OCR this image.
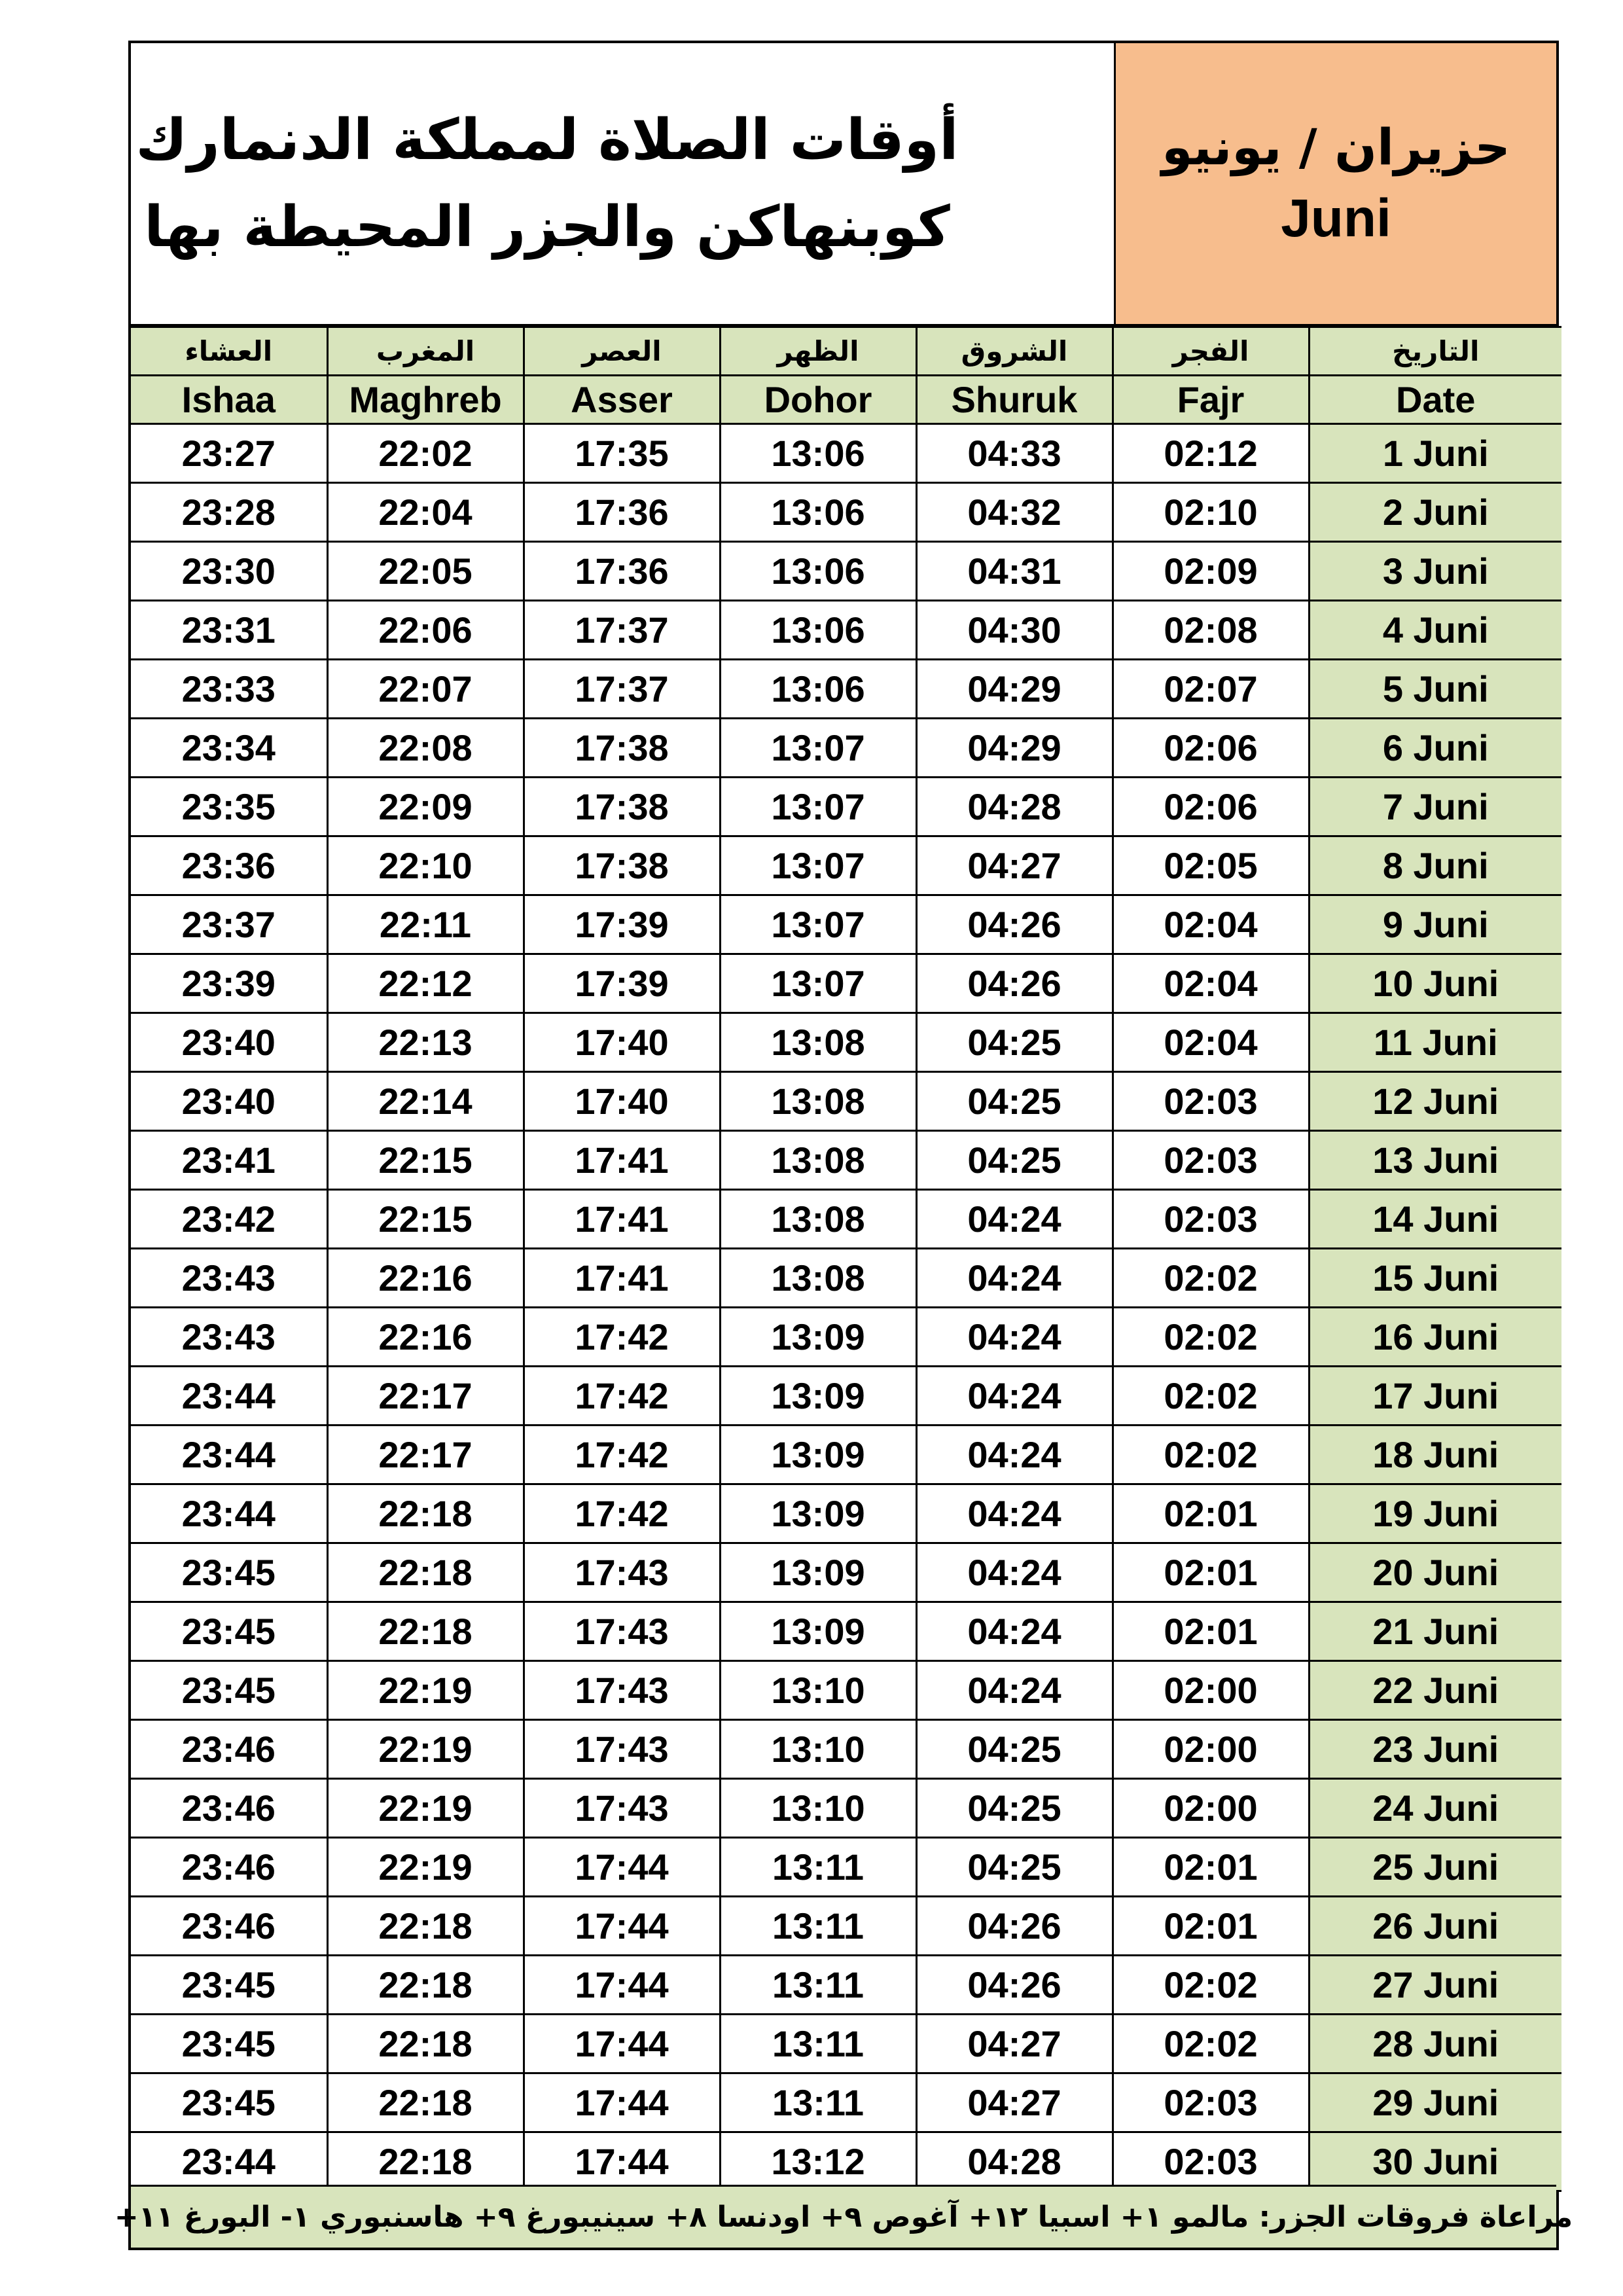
أوقات الصلاة لمملكة الدنمارك
كوبنهاكن والجزر المحيطة بها
حزيران / يونيو
Juni
العشاء	المغرب	العصر	الظهر	الشروق	الفجر	التاريخ
Ishaa	Maghreb	Asser	Dohor	Shuruk	Fajr	Date
23:27	22:02	17:35	13:06	04:33	02:12	1 Juni
23:28	22:04	17:36	13:06	04:32	02:10	2 Juni
23:30	22:05	17:36	13:06	04:31	02:09	3 Juni
23:31	22:06	17:37	13:06	04:30	02:08	4 Juni
23:33	22:07	17:37	13:06	04:29	02:07	5 Juni
23:34	22:08	17:38	13:07	04:29	02:06	6 Juni
23:35	22:09	17:38	13:07	04:28	02:06	7 Juni
23:36	22:10	17:38	13:07	04:27	02:05	8 Juni
23:37	22:11	17:39	13:07	04:26	02:04	9 Juni
23:39	22:12	17:39	13:07	04:26	02:04	10 Juni
23:40	22:13	17:40	13:08	04:25	02:04	11 Juni
23:40	22:14	17:40	13:08	04:25	02:03	12 Juni
23:41	22:15	17:41	13:08	04:25	02:03	13 Juni
23:42	22:15	17:41	13:08	04:24	02:03	14 Juni
23:43	22:16	17:41	13:08	04:24	02:02	15 Juni
23:43	22:16	17:42	13:09	04:24	02:02	16 Juni
23:44	22:17	17:42	13:09	04:24	02:02	17 Juni
23:44	22:17	17:42	13:09	04:24	02:02	18 Juni
23:44	22:18	17:42	13:09	04:24	02:01	19 Juni
23:45	22:18	17:43	13:09	04:24	02:01	20 Juni
23:45	22:18	17:43	13:09	04:24	02:01	21 Juni
23:45	22:19	17:43	13:10	04:24	02:00	22 Juni
23:46	22:19	17:43	13:10	04:25	02:00	23 Juni
23:46	22:19	17:43	13:10	04:25	02:00	24 Juni
23:46	22:19	17:44	13:11	04:25	02:01	25 Juni
23:46	22:18	17:44	13:11	04:26	02:01	26 Juni
23:45	22:18	17:44	13:11	04:26	02:02	27 Juni
23:45	22:18	17:44	13:11	04:27	02:02	28 Juni
23:45	22:18	17:44	13:11	04:27	02:03	29 Juni
23:44	22:18	17:44	13:12	04:28	02:03	30 Juni
مراعاة فروقات الجزر: مالمو ١+ اسبيا ١٢+ آغوص ٩+ اودنسا ٨+ سينيبورغ ٩+ هاسنبوري ١- البورغ ١١+
